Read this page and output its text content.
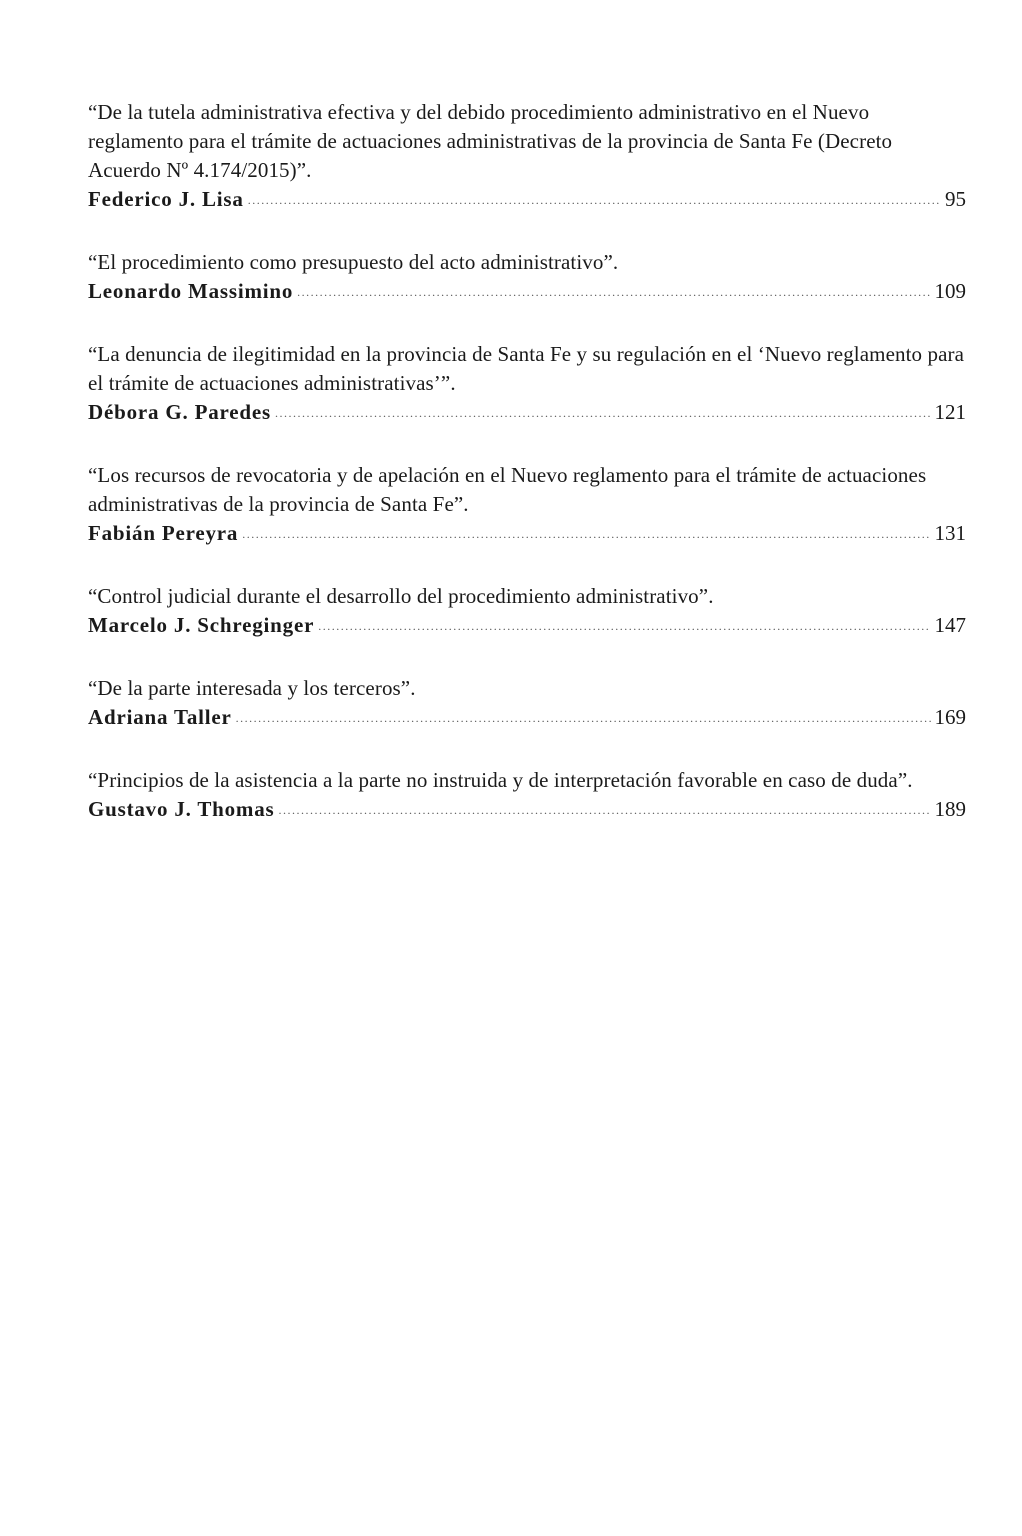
“De la tutela administrativa efectiva y del debido procedimiento administrativo en el Nuevo reglamento para el trámite de actuaciones administrativas de la provincia de Santa Fe (Decreto Acuerdo Nº 4.174/2015)”.

Federico J. Lisa .....	95

“El procedimiento como presupuesto del acto administrativo”.

Leonardo Massimino .....	109

“La denuncia de ilegitimidad en la provincia de Santa Fe y su regulación en el ‘Nuevo reglamento para el trámite de actuaciones administrativas’”.

Débora G. Paredes .....	121

“Los recursos de revocatoria y de apelación en el Nuevo reglamento para el trámite de actuaciones administrativas de la provincia de Santa Fe”.

Fabián Pereyra .....	131

“Control judicial durante el desarrollo del procedimiento administrativo”.

Marcelo J. Schreginger .....	147

“De la parte interesada y los terceros”.

Adriana Taller .....	169

“Principios de la asistencia a la parte no instruida y de interpretación favorable en caso de duda”.

Gustavo J. Thomas .....	189
